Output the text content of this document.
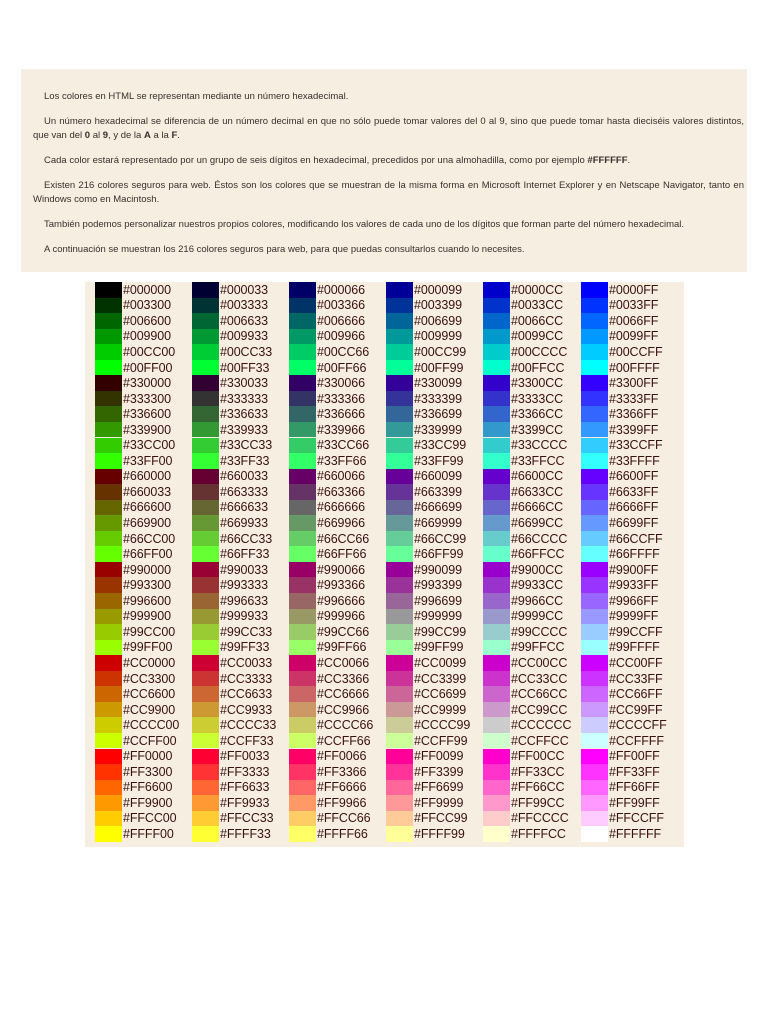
Los colores en HTML se representan mediante un número hexadecimal.

Un número hexadecimal se diferencia de un número decimal en que no sólo puede tomar valores del 0 al 9, sino que puede tomar hasta dieciséis valores distintos, que van del 0 al 9, y de la A a la F.

Cada color estará representado por un grupo de seis dígitos en hexadecimal, precedidos por una almohadilla, como por ejemplo #FFFFFF.

Existen 216 colores seguros para web. Éstos son los colores que se muestran de la misma forma en Microsoft Internet Explorer y en Netscape Navigator, tanto en Windows como en Macintosh.

También podemos personalizar nuestros propios colores, modificando los valores de cada uno de los dígitos que forman parte del número hexadecimal.

A continuación se muestran los 216 colores seguros para web, para que puedas consultarlos cuando lo necesites.

#000000	#000033	#000066	#000099	#0000CC	#0000FF
#003300	#003333	#003366	#003399	#0033CC	#0033FF
#006600	#006633	#006666	#006699	#0066CC	#0066FF
#009900	#009933	#009966	#009999	#0099CC	#0099FF
#00CC00	#00CC33	#00CC66	#00CC99	#00CCCC	#00CCFF
#00FF00	#00FF33	#00FF66	#00FF99	#00FFCC	#00FFFF
#330000	#330033	#330066	#330099	#3300CC	#3300FF
#333300	#333333	#333366	#333399	#3333CC	#3333FF
#336600	#336633	#336666	#336699	#3366CC	#3366FF
#339900	#339933	#339966	#339999	#3399CC	#3399FF
#33CC00	#33CC33	#33CC66	#33CC99	#33CCCC	#33CCFF
#33FF00	#33FF33	#33FF66	#33FF99	#33FFCC	#33FFFF
#660000	#660033	#660066	#660099	#6600CC	#6600FF
#660033	#663333	#663366	#663399	#6633CC	#6633FF
#666600	#666633	#666666	#666699	#6666CC	#6666FF
#669900	#669933	#669966	#669999	#6699CC	#6699FF
#66CC00	#66CC33	#66CC66	#66CC99	#66CCCC	#66CCFF
#66FF00	#66FF33	#66FF66	#66FF99	#66FFCC	#66FFFF
#990000	#990033	#990066	#990099	#9900CC	#9900FF
#993300	#993333	#993366	#993399	#9933CC	#9933FF
#996600	#996633	#996666	#996699	#9966CC	#9966FF
#999900	#999933	#999966	#999999	#9999CC	#9999FF
#99CC00	#99CC33	#99CC66	#99CC99	#99CCCC	#99CCFF
#99FF00	#99FF33	#99FF66	#99FF99	#99FFCC	#99FFFF
#CC0000	#CC0033	#CC0066	#CC0099	#CC00CC	#CC00FF
#CC3300	#CC3333	#CC3366	#CC3399	#CC33CC	#CC33FF
#CC6600	#CC6633	#CC6666	#CC6699	#CC66CC	#CC66FF
#CC9900	#CC9933	#CC9966	#CC9999	#CC99CC	#CC99FF
#CCCC00	#CCCC33	#CCCC66	#CCCC99	#CCCCCC	#CCCCFF
#CCFF00	#CCFF33	#CCFF66	#CCFF99	#CCFFCC	#CCFFFF
#FF0000	#FF0033	#FF0066	#FF0099	#FF00CC	#FF00FF
#FF3300	#FF3333	#FF3366	#FF3399	#FF33CC	#FF33FF
#FF6600	#FF6633	#FF6666	#FF6699	#FF66CC	#FF66FF
#FF9900	#FF9933	#FF9966	#FF9999	#FF99CC	#FF99FF
#FFCC00	#FFCC33	#FFCC66	#FFCC99	#FFCCCC	#FFCCFF
#FFFF00	#FFFF33	#FFFF66	#FFFF99	#FFFFCC	#FFFFFF
